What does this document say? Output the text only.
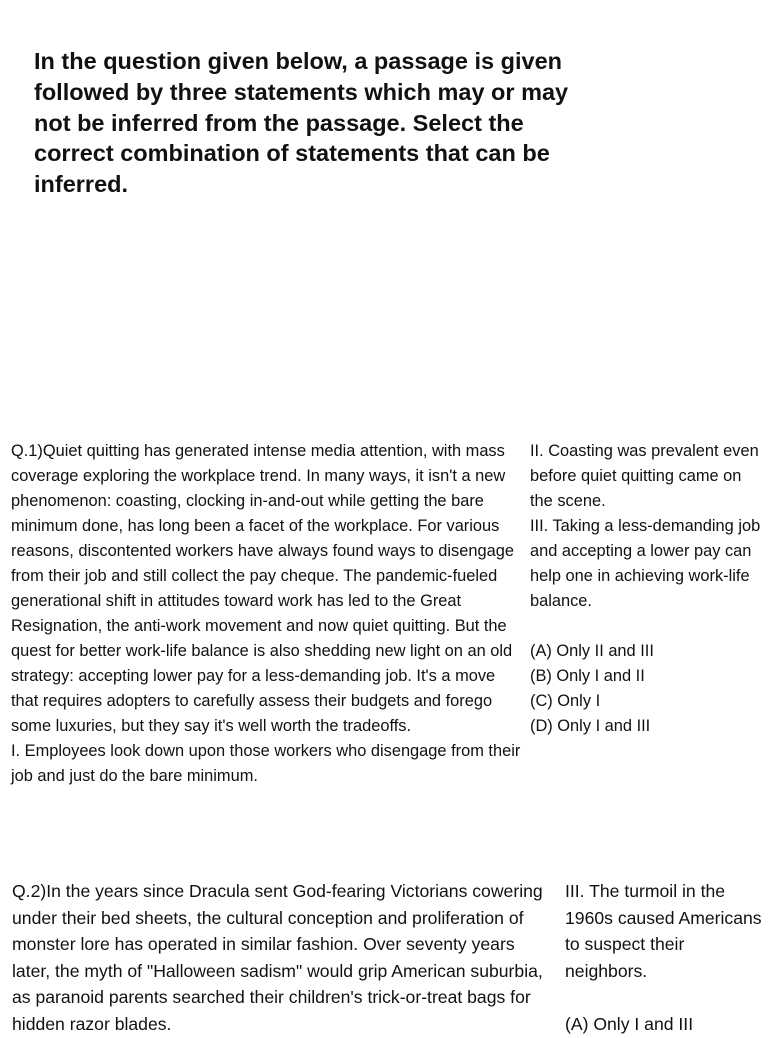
In the question given below, a passage is given followed by three statements which may or may not be inferred from the passage. Select the correct combination of statements that can be inferred.

Q.1)Quiet quitting has generated intense media attention, with mass coverage exploring the workplace trend. In many ways, it isn't a new phenomenon: coasting, clocking in-and-out while getting the bare minimum done, has long been a facet of the workplace. For various reasons, discontented workers have always found ways to disengage from their job and still collect the pay cheque. The pandemic-fueled generational shift in attitudes toward work has led to the Great Resignation, the anti-work movement and now quiet quitting. But the quest for better work-life balance is also shedding new light on an old strategy: accepting lower pay for a less-demanding job. It's a move that requires adopters to carefully assess their budgets and forego some luxuries, but they say it's well worth the tradeoffs.

I. Employees look down upon those workers who disengage from their job and just do the bare minimum.

II. Coasting was prevalent even before quiet quitting came on the scene.

III. Taking a less-demanding job and accepting a lower pay can help one in achieving work-life balance.

(A) Only II and III

(B) Only I and II

(C) Only I

(D) Only I and III

Q.2)In the years since Dracula sent God-fearing Victorians cowering under their bed sheets, the cultural conception and proliferation of monster lore has operated in similar fashion. Over seventy years later, the myth of "Halloween sadism" would grip American suburbia, as paranoid parents searched their children's trick-or-treat bags for hidden razor blades.

III. The turmoil in the 1960s caused Americans to suspect their neighbors.

(A) Only I and III
